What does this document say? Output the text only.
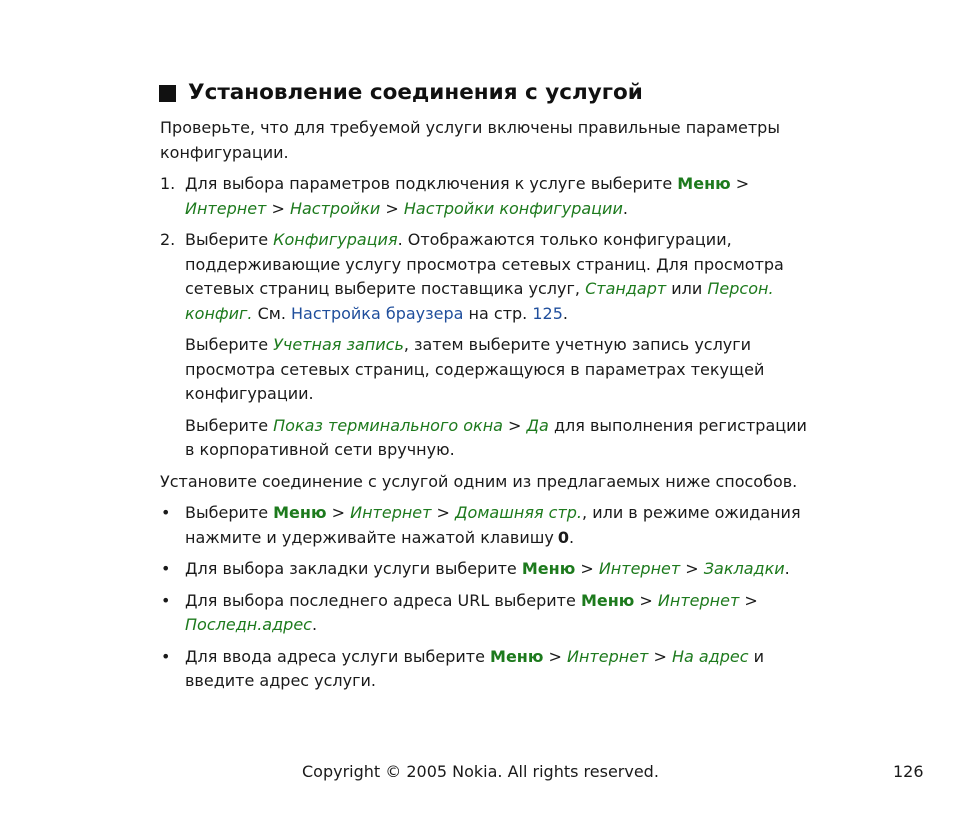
Установление соединения с услугой

Проверьте, что для требуемой услуги включены правильные параметры конфигурации.

1. Для выбора параметров подключения к услуге выберите Меню > Интернет > Настройки > Настройки конфигурации.
2. Выберите Конфигурация. Отображаются только конфигурации, поддерживающие услугу просмотра сетевых страниц. Для просмотра сетевых страниц выберите поставщика услуг, Стандарт или Персон. конфиг. См. Настройка браузера на стр. 125.
Выберите Учетная запись, затем выберите учетную запись услуги просмотра сетевых страниц, содержащуюся в параметрах текущей конфигурации.
Выберите Показ терминального окна > Да для выполнения регистрации в корпоративной сети вручную.

Установите соединение с услугой одним из предлагаемых ниже способов.

• Выберите Меню > Интернет > Домашняя стр., или в режиме ожидания нажмите и удерживайте нажатой клавишу 0.
• Для выбора закладки услуги выберите Меню > Интернет > Закладки.
• Для выбора последнего адреса URL выберите Меню > Интернет > Последн.адрес.
• Для ввода адреса услуги выберите Меню > Интернет > На адрес и введите адрес услуги.
Copyright © 2005 Nokia. All rights reserved.	126
